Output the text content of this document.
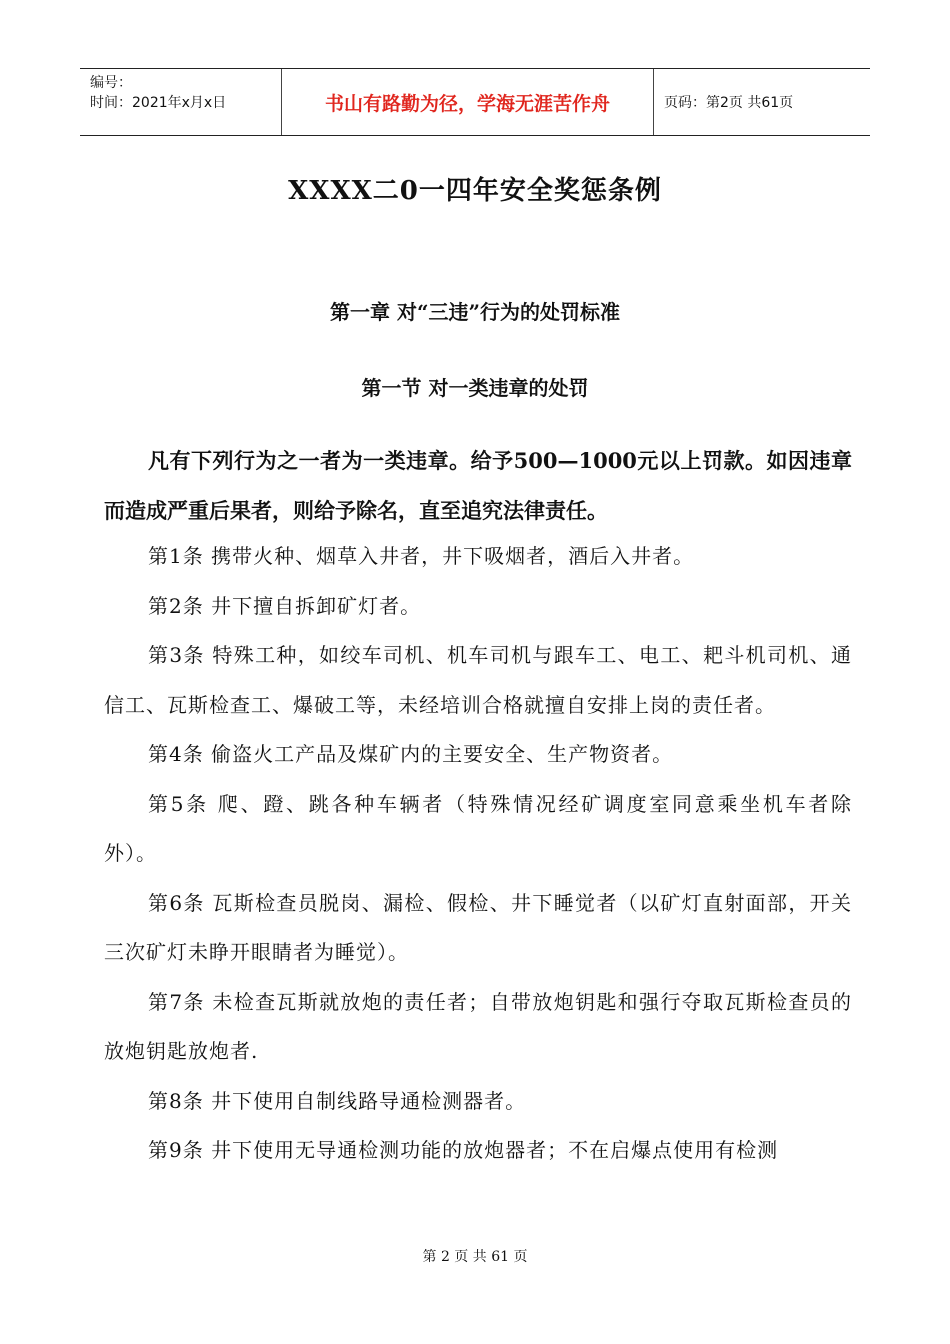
编号：
时间：2021年x月x日	书山有路勤为径，学海无涯苦作舟	页码：第2页 共61页
XXXX二0一四年安全奖惩条例
第一章 对“三违”行为的处罚标准
第一节 对一类违章的处罚
凡有下列行为之一者为一类违章。给予500—1000元以上罚款。如因违章而造成严重后果者，则给予除名，直至追究法律责任。

第1条 携带火种、烟草入井者，井下吸烟者，酒后入井者。

第2条 井下擅自拆卸矿灯者。

第3条 特殊工种，如绞车司机、机车司机与跟车工、电工、耙斗机司机、通信工、瓦斯检查工、爆破工等，未经培训合格就擅自安排上岗的责任者。

第4条 偷盗火工产品及煤矿内的主要安全、生产物资者。

第5条 爬、蹬、跳各种车辆者（特殊情况经矿调度室同意乘坐机车者除外）。

第6条 瓦斯检查员脱岗、漏检、假检、井下睡觉者（以矿灯直射面部，开关三次矿灯未睁开眼睛者为睡觉）。

第7条 未检查瓦斯就放炮的责任者；自带放炮钥匙和强行夺取瓦斯检查员的放炮钥匙放炮者.

第8条 井下使用自制线路导通检测器者。

第9条 井下使用无导通检测功能的放炮器者；不在启爆点使用有检测

第 2 页 共 61 页
